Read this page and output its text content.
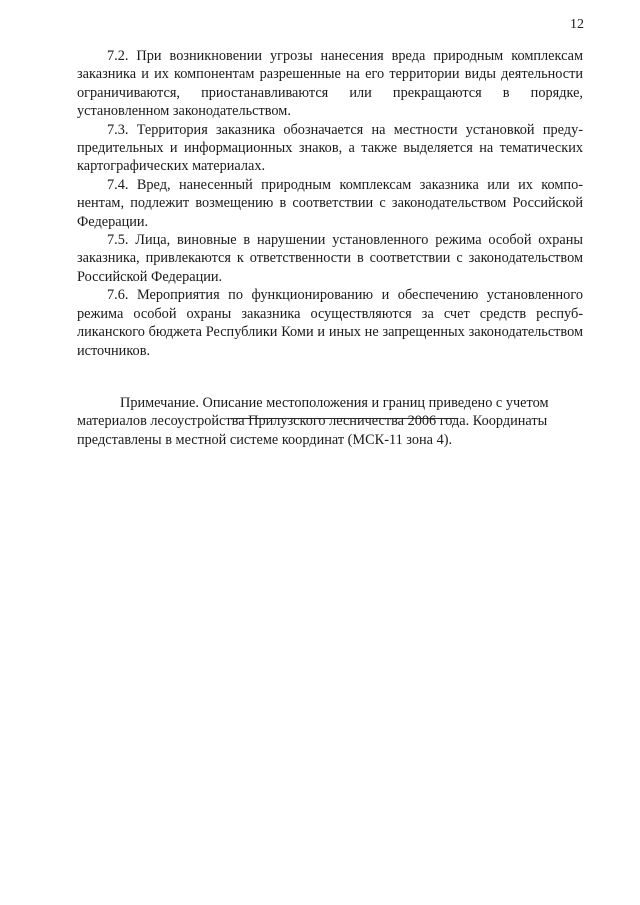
12

7.2. При возникновении угрозы нанесения вреда природным комплексам заказника и их компонентам разрешенные на его территории виды деятельности ограничиваются, приостанавливаются или прекращаются в порядке, установленном законодательством.

7.3. Территория заказника обозначается на местности установкой предупредительных и информационных знаков, а также выделяется на тематических картографических материалах.

7.4. Вред, нанесенный природным комплексам заказника или их компонентам, подлежит возмещению в соответствии с законодательством Российской Федерации.

7.5. Лица, виновные в нарушении установленного режима особой охраны заказника, привлекаются к ответственности в соответствии с законодательством Российской Федерации.

7.6. Мероприятия по функционированию и обеспечению установленного режима особой охраны заказника осуществляются за счет средств республиканского бюджета Республики Коми и иных не запрещенных законодательством источников.

Примечание. Описание местоположения и границ приведено с учетом материалов лесоустройства Прилузского лесничества 2006 года. Координаты представлены в местной системе координат (МСК-11 зона 4).
